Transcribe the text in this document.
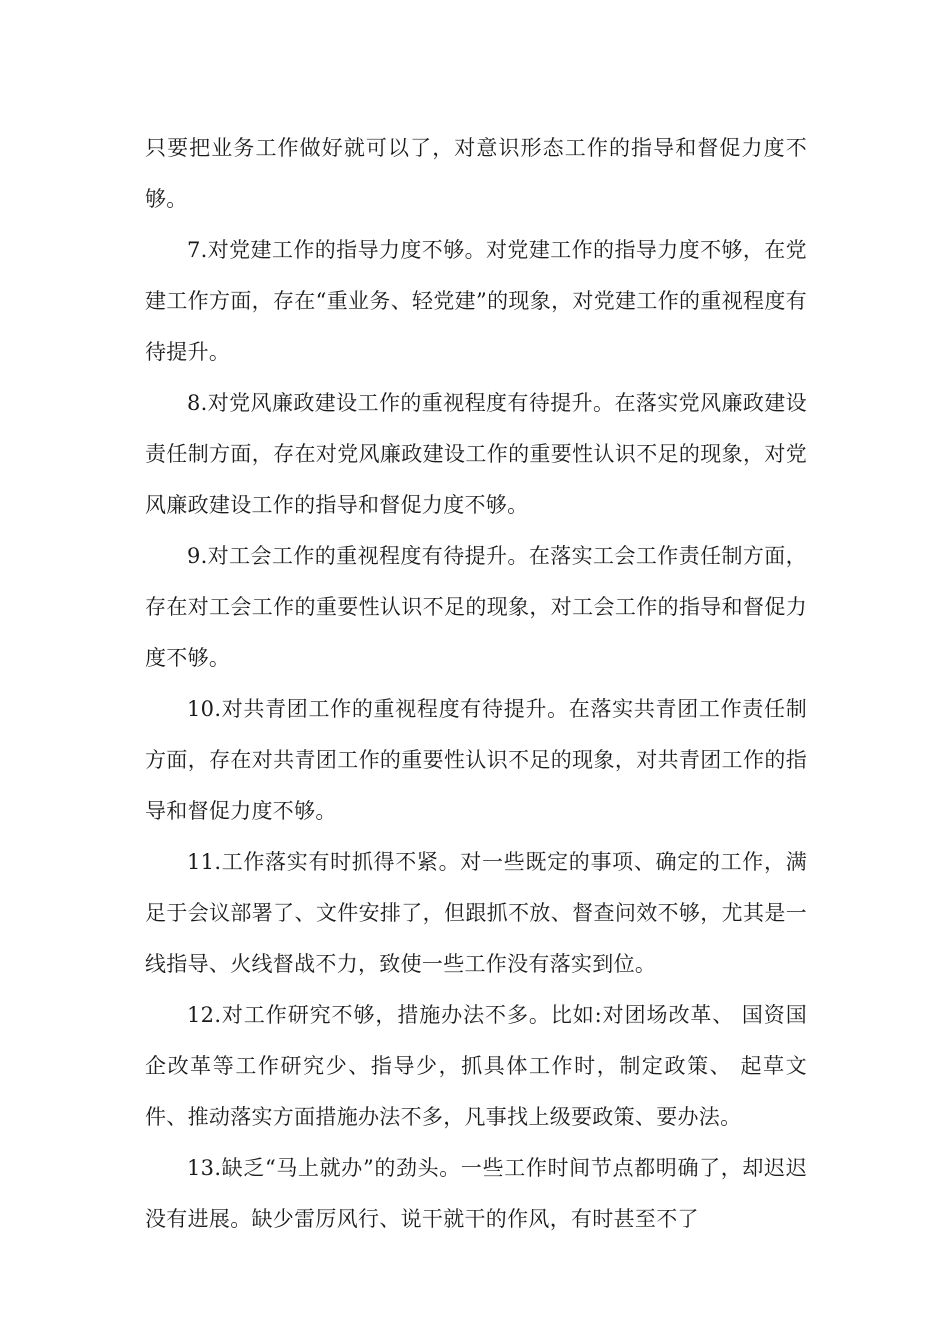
只要把业务工作做好就可以了，对意识形态工作的指导和督促力度不够。

7.对党建工作的指导力度不够。对党建工作的指导力度不够，在党建工作方面，存在“重业务、轻党建”的现象，对党建工作的重视程度有待提升。

8.对党风廉政建设工作的重视程度有待提升。在落实党风廉政建设责任制方面，存在对党风廉政建设工作的重要性认识不足的现象，对党风廉政建设工作的指导和督促力度不够。

9.对工会工作的重视程度有待提升。在落实工会工作责任制方面，存在对工会工作的重要性认识不足的现象，对工会工作的指导和督促力度不够。

10.对共青团工作的重视程度有待提升。在落实共青团工作责任制方面，存在对共青团工作的重要性认识不足的现象，对共青团工作的指导和督促力度不够。

11.工作落实有时抓得不紧。对一些既定的事项、确定的工作，满足于会议部署了、文件安排了，但跟抓不放、督查问效不够，尤其是一线指导、火线督战不力，致使一些工作没有落实到位。

12.对工作研究不够，措施办法不多。比如:对团场改革、 国资国企改革等工作研究少、指导少，抓具体工作时，制定政策、 起草文件、推动落实方面措施办法不多，凡事找上级要政策、要办法。

13.缺乏“马上就办”的劲头。一些工作时间节点都明确了，却迟迟没有进展。缺少雷厉风行、说干就干的作风，有时甚至不了
